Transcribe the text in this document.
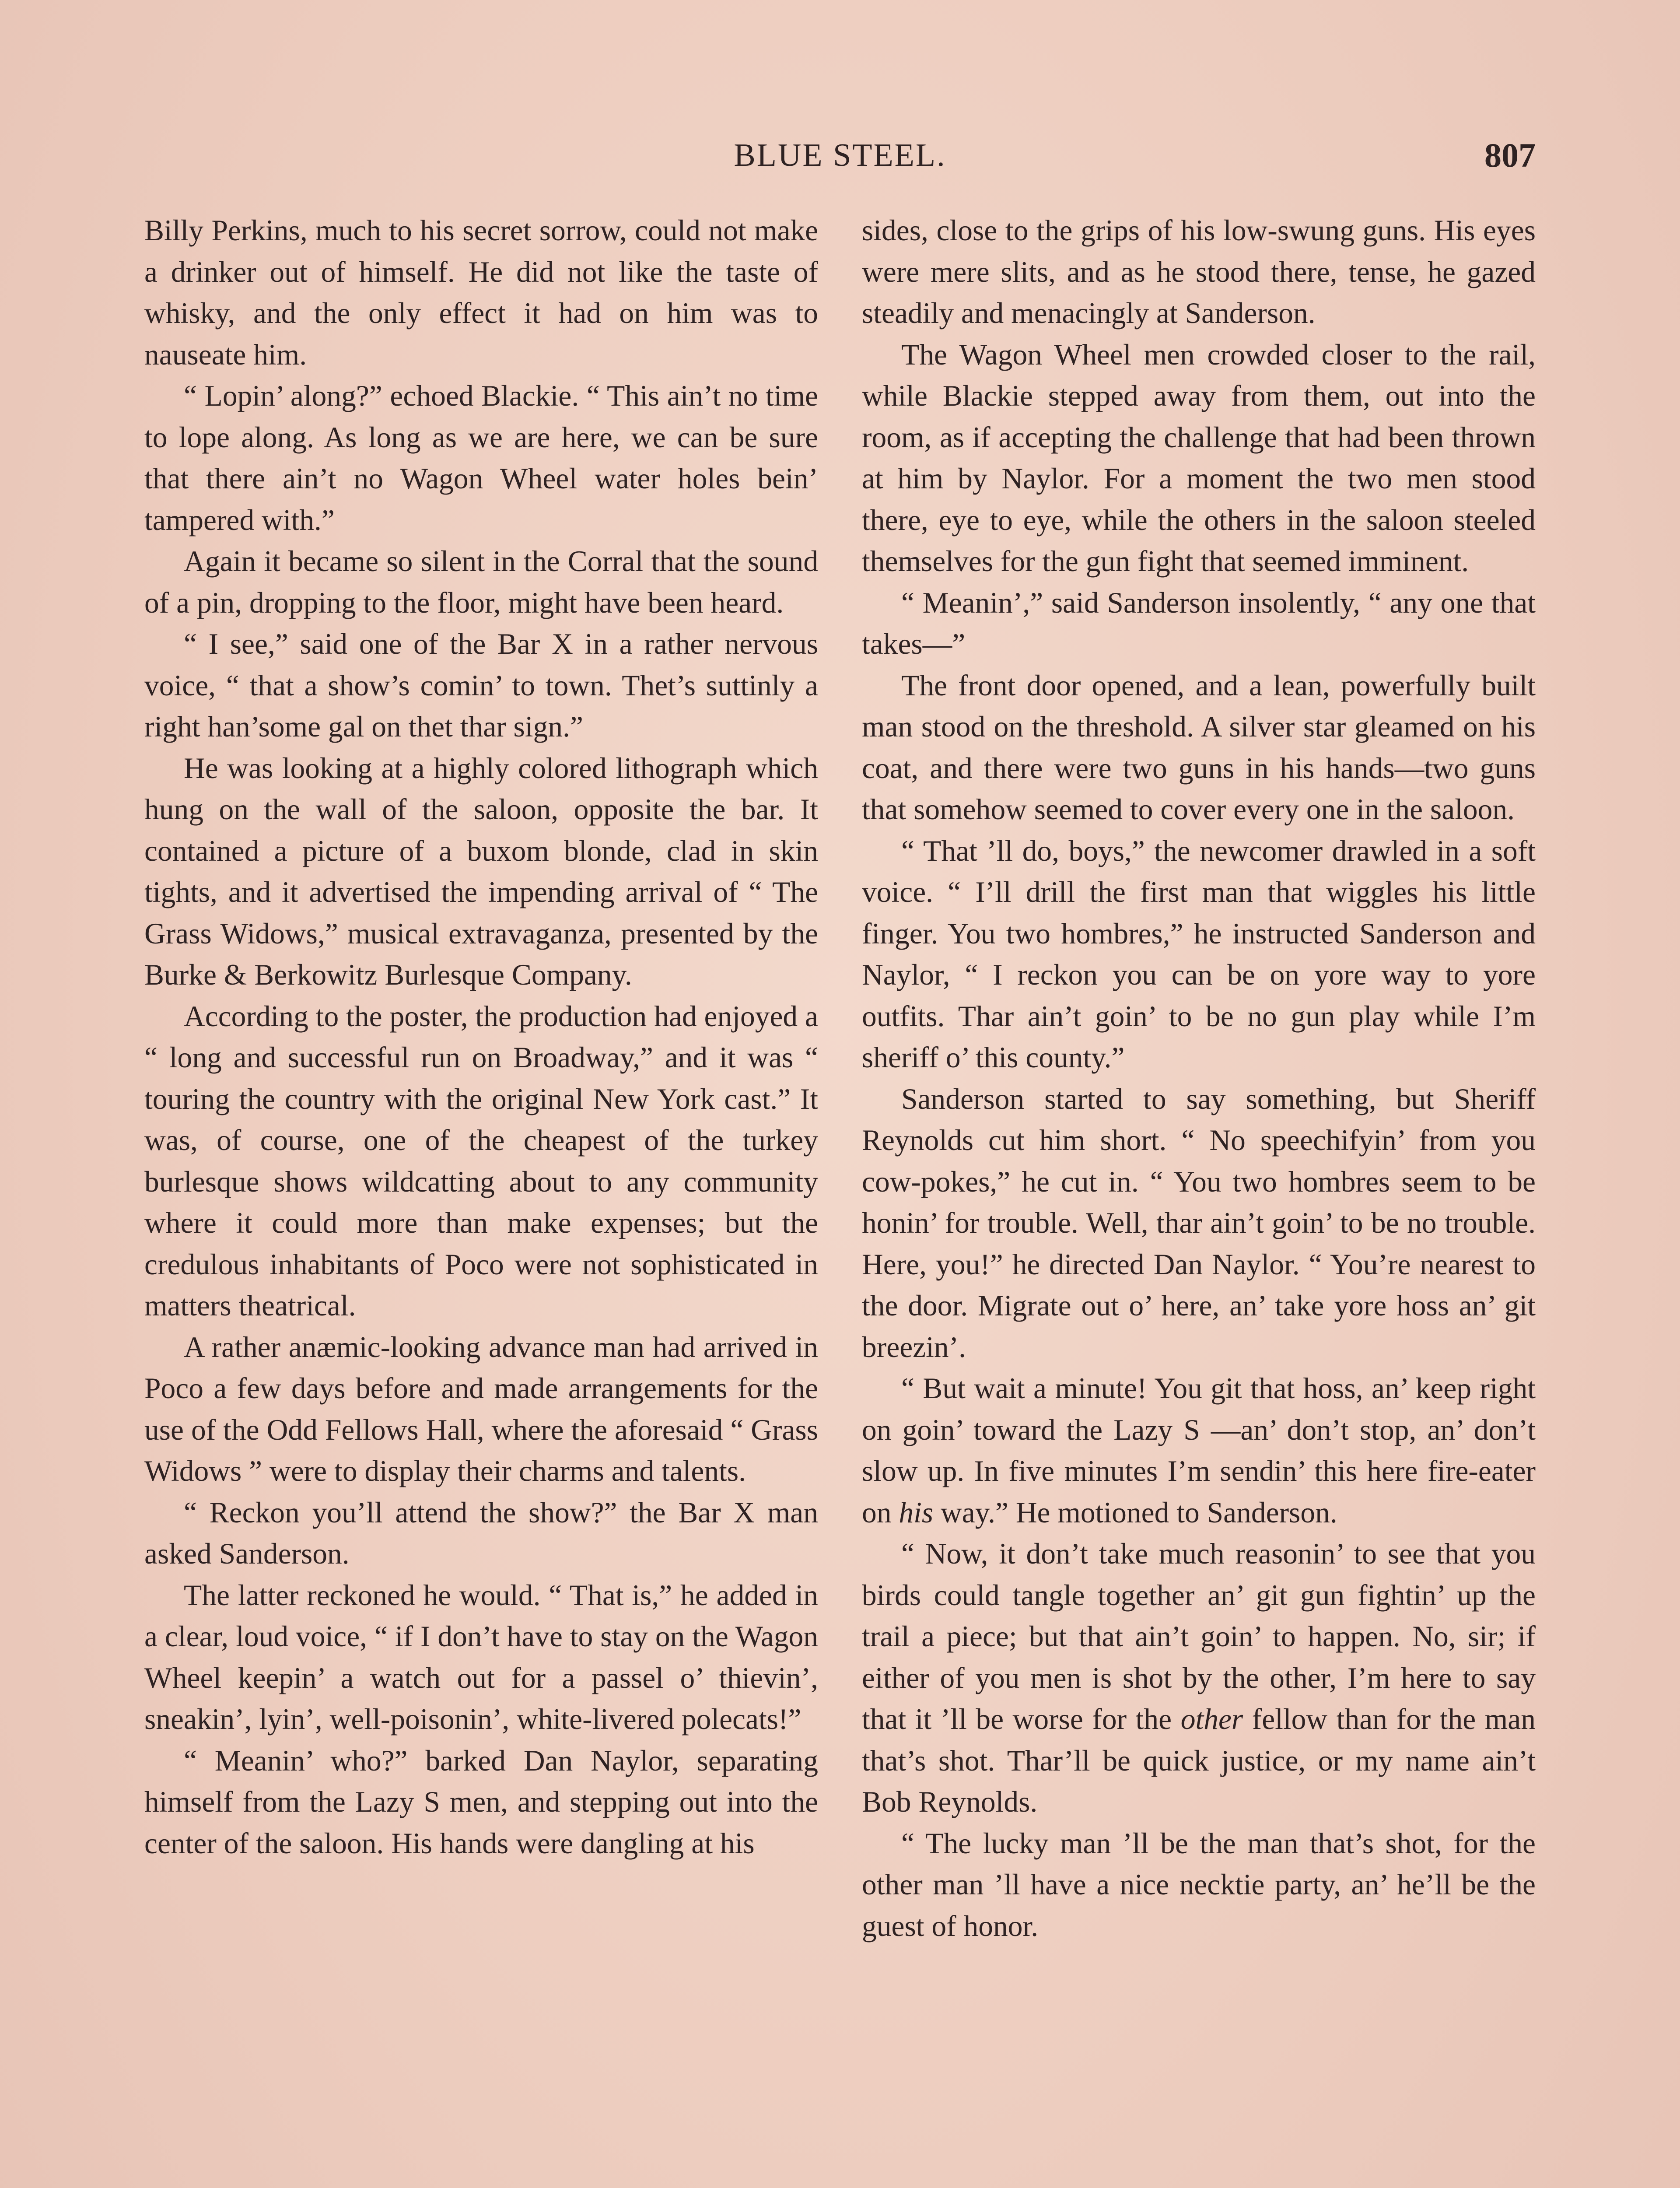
BLUE STEEL.	807

Billy Perkins, much to his secret sorrow, could not make a drinker out of himself. He did not like the taste of whisky, and the only effect it had on him was to nauseate him.

“ Lopin’ along?” echoed Blackie. “ This ain’t no time to lope along. As long as we are here, we can be sure that there ain’t no Wagon Wheel water holes bein’ tampered with.”

Again it became so silent in the Corral that the sound of a pin, dropping to the floor, might have been heard.

“ I see,” said one of the Bar X in a rather nervous voice, “ that a show’s comin’ to town. Thet’s suttinly a right han’some gal on thet thar sign.”

He was looking at a highly colored lithograph which hung on the wall of the saloon, opposite the bar. It contained a picture of a buxom blonde, clad in skin tights, and it advertised the impending arrival of “ The Grass Widows,” musical extravaganza, presented by the Burke & Berkowitz Burlesque Company.

According to the poster, the production had enjoyed a “ long and successful run on Broadway,” and it was “ touring the country with the original New York cast.” It was, of course, one of the cheapest of the turkey burlesque shows wildcatting about to any community where it could more than make expenses; but the credulous inhabitants of Poco were not sophisticated in matters theatrical.

A rather anæmic-looking advance man had arrived in Poco a few days before and made arrangements for the use of the Odd Fellows Hall, where the aforesaid “ Grass Widows ” were to display their charms and talents.

“ Reckon you’ll attend the show?” the Bar X man asked Sanderson.

The latter reckoned he would. “ That is,” he added in a clear, loud voice, “ if I don’t have to stay on the Wagon Wheel keepin’ a watch out for a passel o’ thievin’, sneakin’, lyin’, well-poisonin’, white-livered polecats!”

“ Meanin’ who?” barked Dan Naylor, separating himself from the Lazy S men, and stepping out into the center of the saloon. His hands were dangling at his

sides, close to the grips of his low-swung guns. His eyes were mere slits, and as he stood there, tense, he gazed steadily and menacingly at Sanderson.

The Wagon Wheel men crowded closer to the rail, while Blackie stepped away from them, out into the room, as if accepting the challenge that had been thrown at him by Naylor. For a moment the two men stood there, eye to eye, while the others in the saloon steeled themselves for the gun fight that seemed imminent.

“ Meanin’,” said Sanderson insolently, “ any one that takes—”

The front door opened, and a lean, powerfully built man stood on the threshold. A silver star gleamed on his coat, and there were two guns in his hands—two guns that somehow seemed to cover every one in the saloon.

“ That ’ll do, boys,” the newcomer drawled in a soft voice. “ I’ll drill the first man that wiggles his little finger. You two hombres,” he instructed Sanderson and Naylor, “ I reckon you can be on yore way to yore outfits. Thar ain’t goin’ to be no gun play while I’m sheriff o’ this county.”

Sanderson started to say something, but Sheriff Reynolds cut him short. “ No speechifyin’ from you cow-pokes,” he cut in. “ You two hombres seem to be honin’ for trouble. Well, thar ain’t goin’ to be no trouble. Here, you!” he directed Dan Naylor. “ You’re nearest to the door. Migrate out o’ here, an’ take yore hoss an’ git breezin’.

“ But wait a minute! You git that hoss, an’ keep right on goin’ toward the Lazy S —an’ don’t stop, an’ don’t slow up. In five minutes I’m sendin’ this here fire-eater on his way.” He motioned to Sanderson.

“ Now, it don’t take much reasonin’ to see that you birds could tangle together an’ git gun fightin’ up the trail a piece; but that ain’t goin’ to happen. No, sir; if either of you men is shot by the other, I’m here to say that it ’ll be worse for the other fellow than for the man that’s shot. Thar’ll be quick justice, or my name ain’t Bob Reynolds.

“ The lucky man ’ll be the man that’s shot, for the other man ’ll have a nice necktie party, an’ he’ll be the guest of honor.
